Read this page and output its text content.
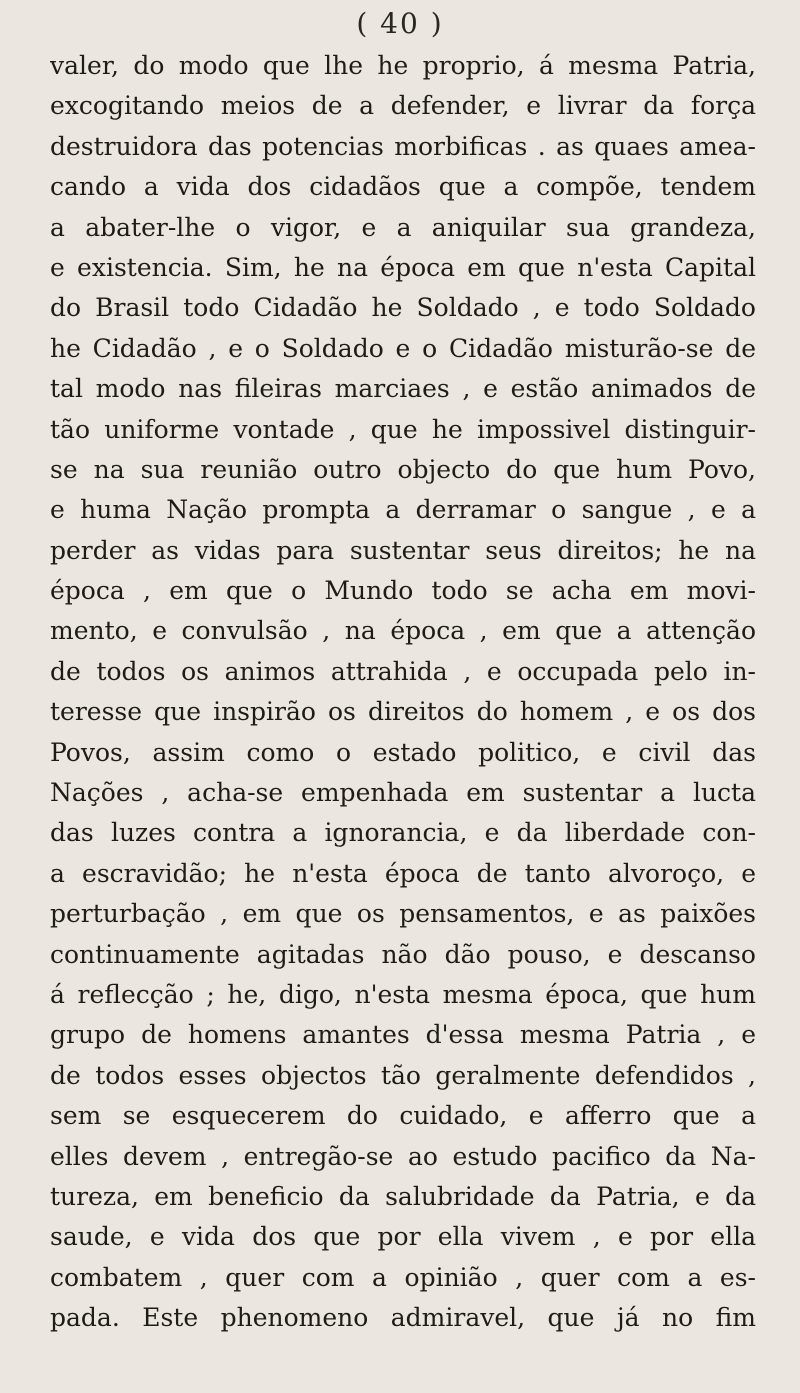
( 40 )
valer, do modo que lhe he proprio, á mesma Patria,
excogitando meios de a defender, e livrar da força
destruidora das potencias morbificas . as quaes amea-
cando a vida dos cidadãos que a compõe, tendem
a abater-lhe o vigor, e a aniquilar sua grandeza,
e existencia. Sim, he na época em que n'esta Capital
do Brasil todo Cidadão he Soldado , e todo Soldado
he Cidadão , e o Soldado e o Cidadão misturão-se de
tal modo nas fileiras marciaes , e estão animados de
tão uniforme vontade , que he impossivel distinguir-
se na sua reunião outro objecto do que hum Povo,
e huma Nação prompta a derramar o sangue , e a
perder as vidas para sustentar seus direitos; he na
época , em que o Mundo todo se acha em movi-
mento, e convulsão , na época , em que a attenção
de todos os animos attrahida , e occupada pelo in-
teresse que inspirão os direitos do homem , e os dos
Povos, assim como o estado politico, e civil das
Nações , acha-se empenhada em sustentar a lucta
das luzes contra a ignorancia, e da liberdade con-
a escravidão; he n'esta época de tanto alvoroço, e
perturbação , em que os pensamentos, e as paixões
continuamente agitadas não dão pouso, e descanso
á reflecção ; he, digo, n'esta mesma época, que hum
grupo de homens amantes d'essa mesma Patria , e
de todos esses objectos tão geralmente defendidos ,
sem se esquecerem do cuidado, e afferro que a
elles devem , entregão-se ao estudo pacifico da Na-
tureza, em beneficio da salubridade da Patria, e da
saude, e vida dos que por ella vivem , e por ella
combatem , quer com a opinião , quer com a es-
pada. Este phenomeno admiravel, que já no fim
